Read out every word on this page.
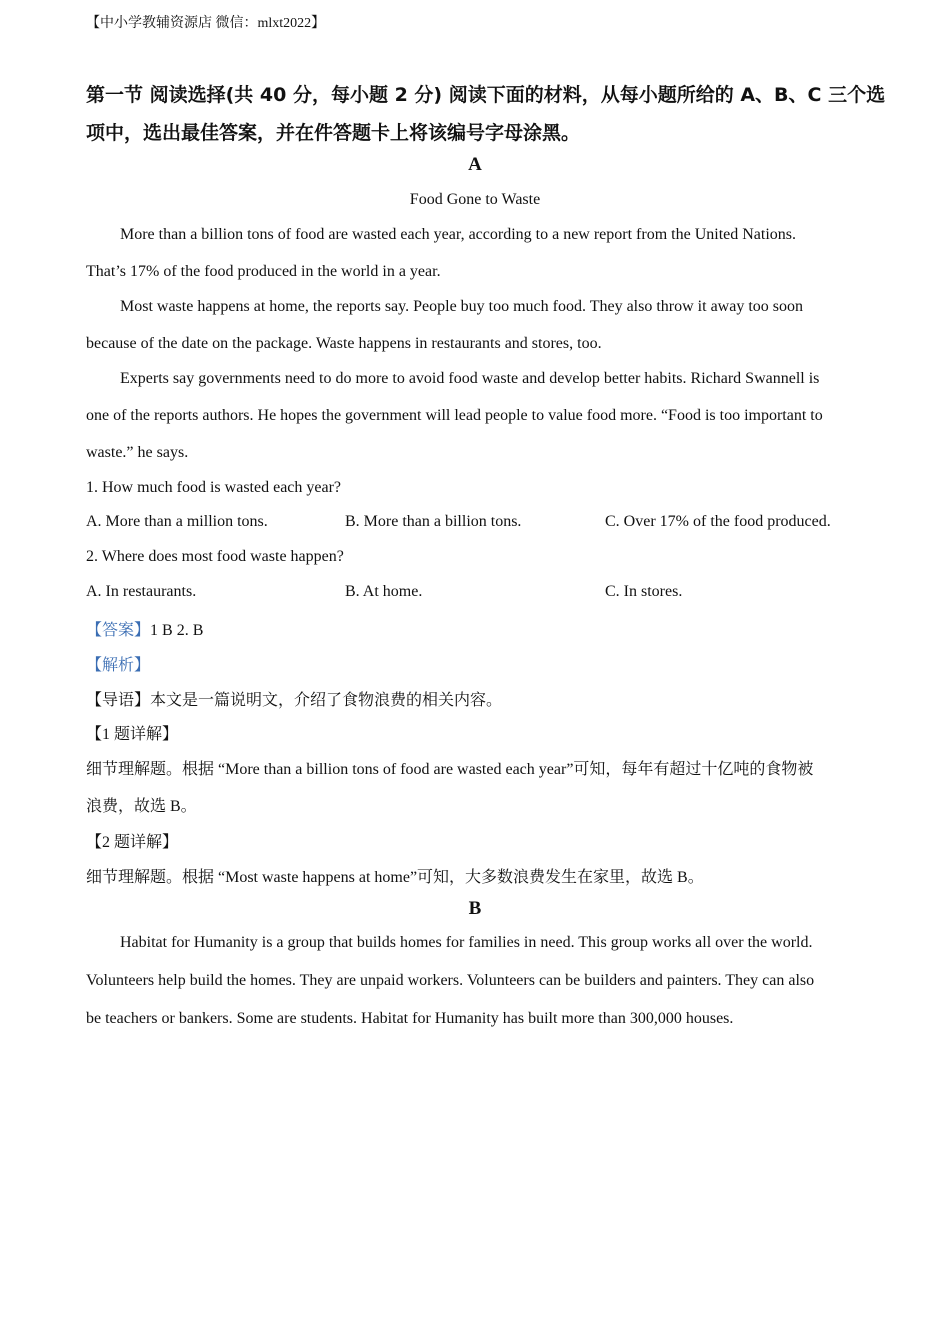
【中小学教辅资源店 微信：mlxt2022】
第一节 阅读选择(共 40 分，每小题 2 分) 阅读下面的材料，从每小题所给的 A、B、C 三个选
项中，选出最佳答案，并在件答题卡上将该编号字母涂黑。
A
Food Gone to Waste
More than a billion tons of food are wasted each year, according to a new report from the United Nations.
That’s 17% of the food produced in the world in a year.
Most waste happens at home, the reports say. People buy too much food. They also throw it away too soon
because of the date on the package. Waste happens in restaurants and stores, too.
Experts say governments need to do more to avoid food waste and develop better habits. Richard Swannell is
one of the reports authors. He hopes the government will lead people to value food more. “Food is too important to
waste.” he says.
1. How much food is wasted each year?
A. More than a million tons.	B. More than a billion tons.	C. Over 17% of the food produced.
2. Where does most food waste happen?
A. In restaurants.	B. At home.	C. In stores.
【答案】1 B 2. B
【解析】
【导语】本文是一篇说明文，介绍了食物浪费的相关内容。
【1 题详解】
细节理解题。根据 “More than a billion tons of food are wasted each year”可知，每年有超过十亿吨的食物被
浪费，故选 B。
【2 题详解】
细节理解题。根据 “Most waste happens at home”可知，大多数浪费发生在家里，故选 B。
B
Habitat for Humanity is a group that builds homes for families in need. This group works all over the world.
Volunteers help build the homes. They are unpaid workers. Volunteers can be builders and painters. They can also
be teachers or bankers. Some are students. Habitat for Humanity has built more than 300,000 houses.
